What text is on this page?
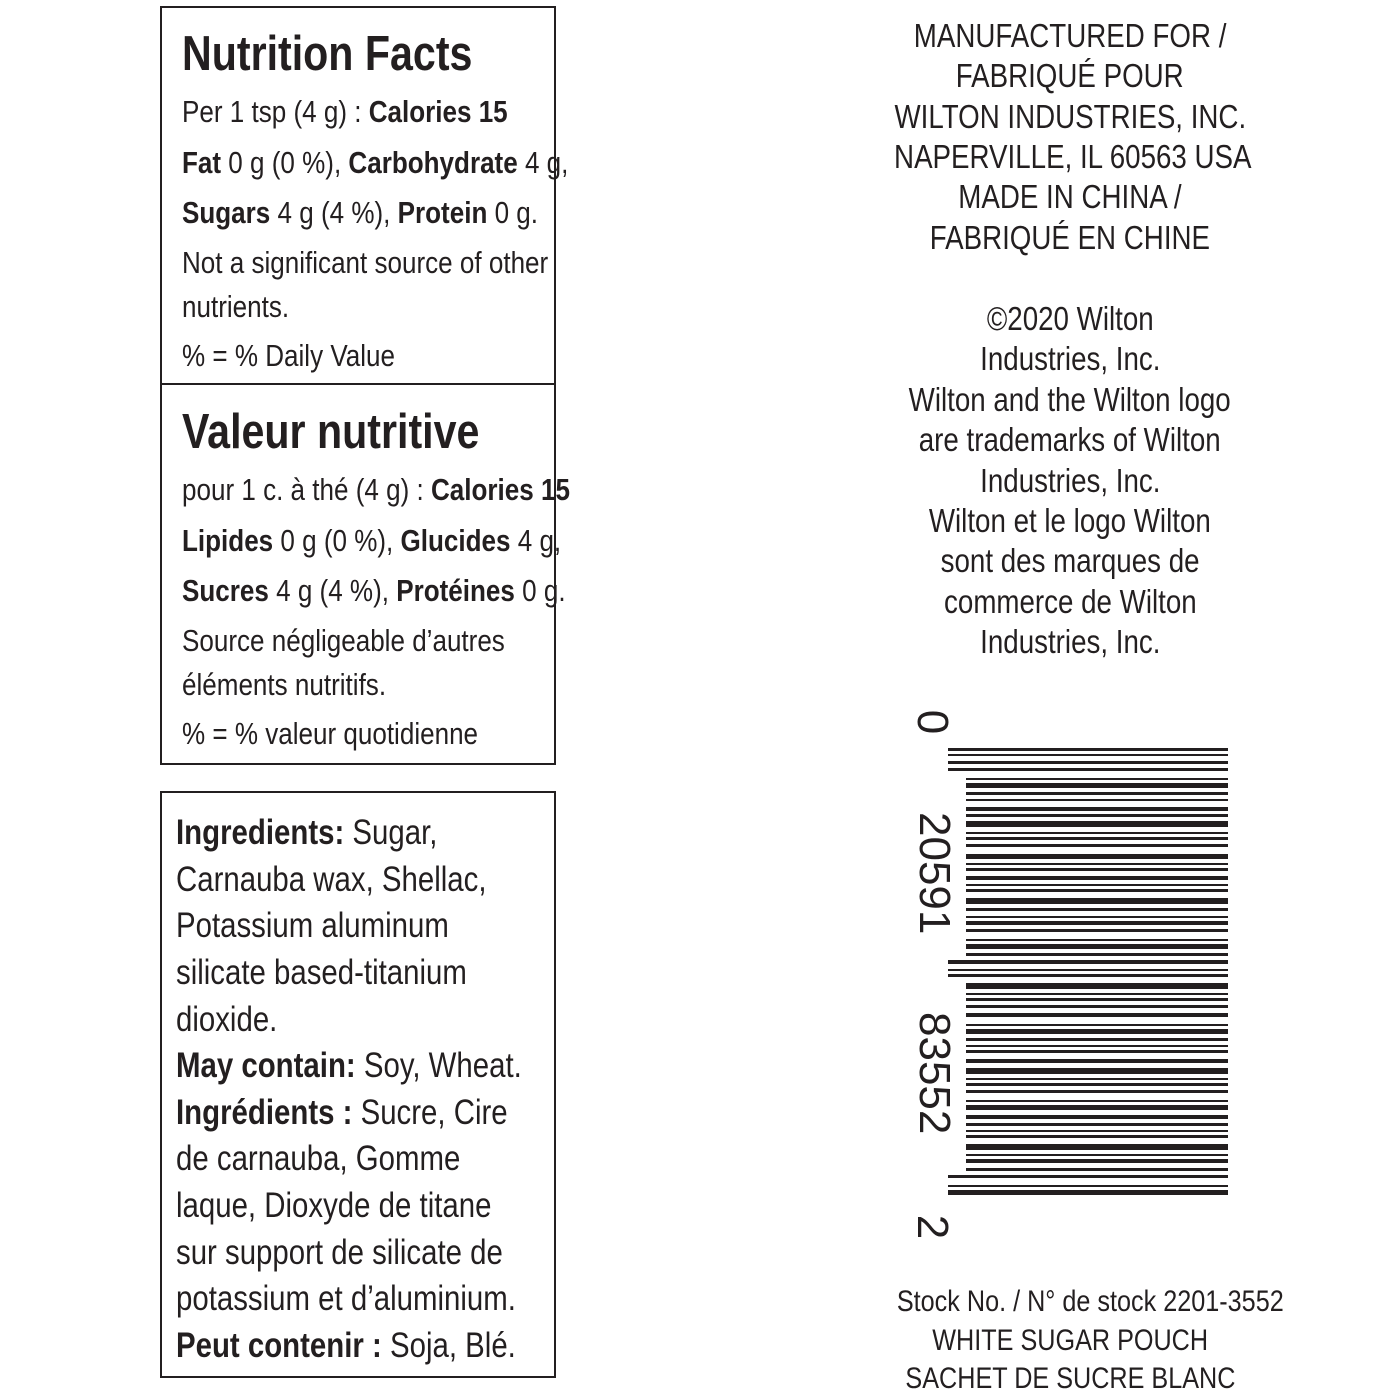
Nutrition Facts
Per 1 tsp (4 g) : Calories 15
Fat 0 g (0 %), Carbohydrate 4 g,
Sugars 4 g (4 %), Protein 0 g.
Not a significant source of other
nutrients.
% = % Daily Value
Valeur nutritive
pour 1 c. à thé (4 g) : Calories 15
Lipides 0 g (0 %), Glucides 4 g,
Sucres 4 g (4 %), Protéines 0 g.
Source négligeable d’autres
éléments nutritifs.
% = % valeur quotidienne
Ingredients: Sugar,
Carnauba wax, Shellac,
Potassium aluminum
silicate based-titanium
dioxide.
May contain: Soy, Wheat.
Ingrédients : Sucre, Cire
de carnauba, Gomme
laque, Dioxyde de titane
sur support de silicate de
potassium et d’aluminium.
Peut contenir : Soja, Blé.
MANUFACTURED FOR /
FABRIQUÉ POUR
WILTON INDUSTRIES, INC.
NAPERVILLE, IL 60563 USA
MADE IN CHINA /
FABRIQUÉ EN CHINE
©2020 Wilton
Industries, Inc.
Wilton and the Wilton logo
are trademarks of Wilton
Industries, Inc.
Wilton et le logo Wilton
sont des marques de
commerce de Wilton
Industries, Inc.
0
20591
83552
2
Stock No. / N° de stock 2201-3552
WHITE SUGAR POUCH
SACHET DE SUCRE BLANC
